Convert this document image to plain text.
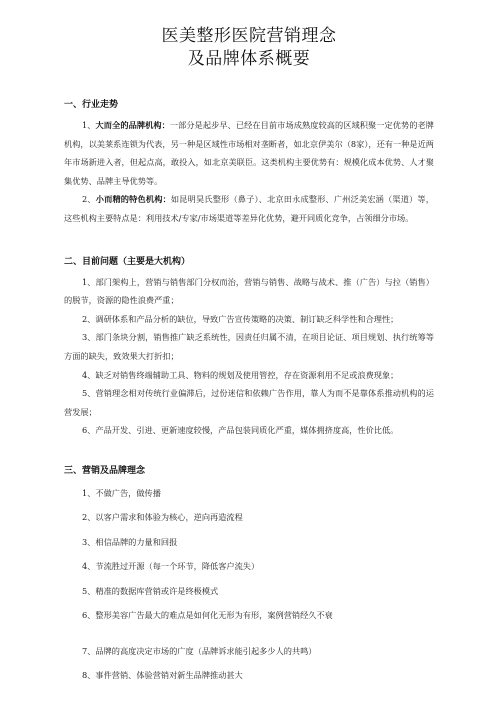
医美整形医院营销理念
及品牌体系概要
一、行业走势
1、大而全的品牌机构：一部分是起步早、已经在目前市场成熟度较高的区域积聚一定优势的老牌机构，以美莱系连锁为代表，另一种是区域性市场相对垄断者，如北京伊美尔（8家），还有一种是近两年市场新进入者，但起点高，敢投入，如北京美联臣。这类机构主要优势有：规模化成本优势、人才聚集优势、品牌主导优势等。
2、小而精的特色机构：如昆明昊氏整形（鼻子）、北京田永成整形、广州泛美宏涵（渠道）等，这些机构主要特点是：利用技术/专家/市场渠道等差异化优势，避开同质化竞争，占领细分市场。
二、目前问题（主要是大机构）
1、部门架构上，营销与销售部门分权而治，营销与销售、战略与战术、推（广告）与拉（销售）的脱节，资源的隐性浪费严重；
2、调研体系和产品分析的缺位，导致广告宣传策略的决策、制订缺乏科学性和合理性；
3、部门条块分割，销售推广缺乏系统性，因责任归属不清，在项目论证、项目规划、执行统筹等方面的缺失，致效果大打折扣；
4、缺乏对销售终端辅助工具、物料的规划及使用管控，存在资源利用不足或浪费现象；
5、营销理念相对传统行业偏滞后，过份迷信和依赖广告作用，靠人为而不是靠体系推动机构的运营发展；
6、产品开发、引进、更新速度较慢，产品包装同质化严重，媒体拥挤度高，性价比低。
三、营销及品牌理念
1、不做广告，做传播
2、以客户需求和体验为核心，逆向再造流程
3、相信品牌的力量和回报
4、节流胜过开源（每一个环节，降低客户流失）
5、精准的数据库营销或许是终极模式
6、整形美容广告最大的难点是如何化无形为有形，案例营销经久不衰
7、品牌的高度决定市场的广度（品牌诉求能引起多少人的共鸣）
8、事件营销、体验营销对新生品牌推动甚大
